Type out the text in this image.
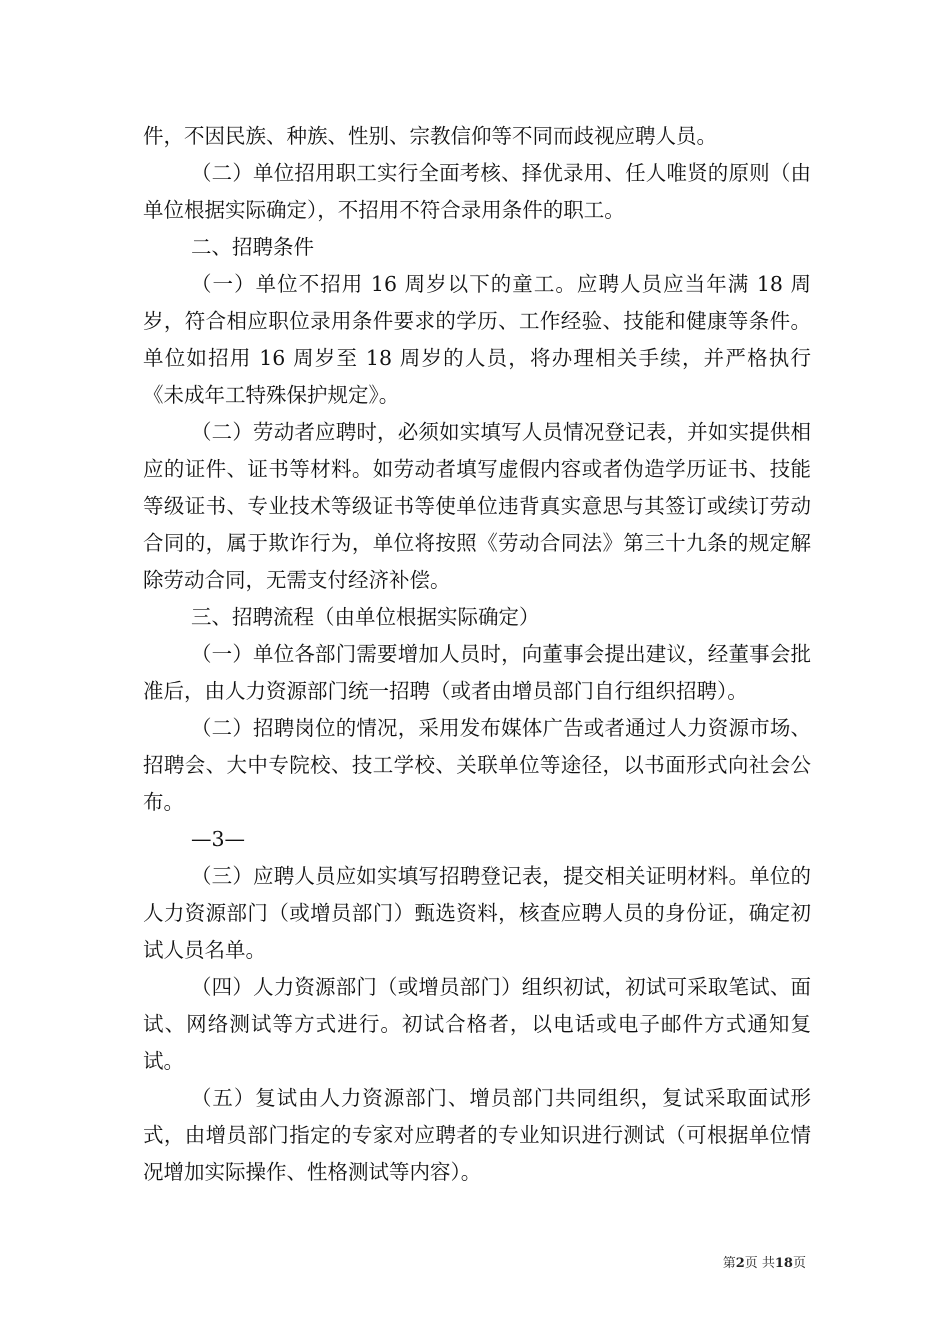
件，不因民族、种族、性别、宗教信仰等不同而歧视应聘人员。

（二）单位招用职工实行全面考核、择优录用、任人唯贤的原则（由单位根据实际确定），不招用不符合录用条件的职工。

二、招聘条件

（一）单位不招用 16 周岁以下的童工。应聘人员应当年满 18 周岁，符合相应职位录用条件要求的学历、工作经验、技能和健康等条件。单位如招用 16 周岁至 18 周岁的人员，将办理相关手续，并严格执行《未成年工特殊保护规定》。

（二）劳动者应聘时，必须如实填写人员情况登记表，并如实提供相应的证件、证书等材料。如劳动者填写虚假内容或者伪造学历证书、技能等级证书、专业技术等级证书等使单位违背真实意思与其签订或续订劳动合同的，属于欺诈行为，单位将按照《劳动合同法》第三十九条的规定解除劳动合同，无需支付经济补偿。

三、招聘流程（由单位根据实际确定）

（一）单位各部门需要增加人员时，向董事会提出建议，经董事会批准后，由人力资源部门统一招聘（或者由增员部门自行组织招聘）。

（二）招聘岗位的情况，采用发布媒体广告或者通过人力资源市场、招聘会、大中专院校、技工学校、关联单位等途径，以书面形式向社会公布。

—3—

（三）应聘人员应如实填写招聘登记表，提交相关证明材料。单位的人力资源部门（或增员部门）甄选资料，核查应聘人员的身份证，确定初试人员名单。

（四）人力资源部门（或增员部门）组织初试，初试可采取笔试、面试、网络测试等方式进行。初试合格者，以电话或电子邮件方式通知复试。

（五）复试由人力资源部门、增员部门共同组织，复试采取面试形式，由增员部门指定的专家对应聘者的专业知识进行测试（可根据单位情况增加实际操作、性格测试等内容）。

第2页 共18页
